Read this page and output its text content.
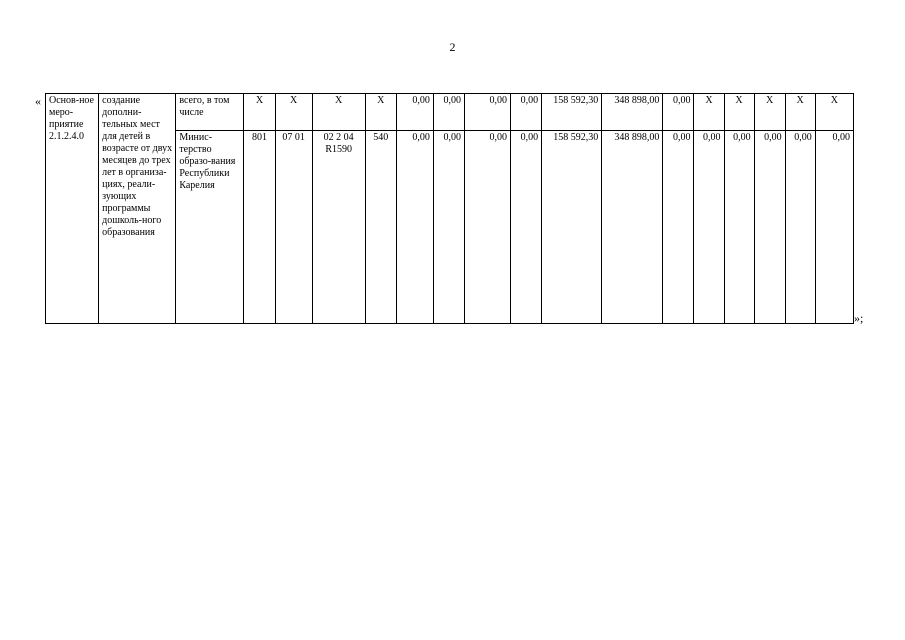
2
« Основ-ное меро-приятие 2.1.2.4.0	создание дополни-тельных мест для детей в возрасте от двух месяцев до трех лет в организа-циях, реали-зующих программы дошколь-ного образования	всего, в том числе	X	X	X	X	0,00	0,00	0,00	0,00	158 592,30	348 898,00	0,00	X	X	X	X	X
		Минис-терство образо-вания Республики Карелия	801	07 01	02 2 04 R1590	540	0,00	0,00	0,00	0,00	158 592,30	348 898,00	0,00	0,00	0,00	0,00	0,00	0,00
»;
